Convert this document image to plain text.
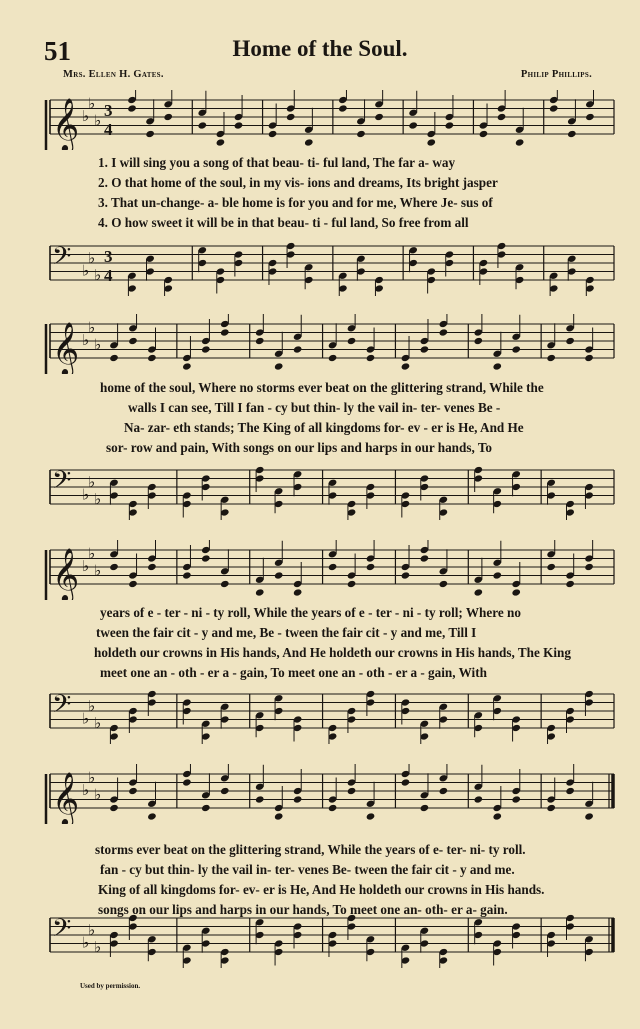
51	Home of the Soul.
Mrs. Ellen H. Gates.	Philip Phillips.
𝄞 ♭
♭
♭
3
4
𝄢 ♭
♭
♭
3
4
𝄞 ♭
♭
♭
𝄢 ♭
♭
♭
𝄞 ♭
♭
♭
𝄢 ♭
♭
♭
𝄞 ♭
♭
♭
𝄢 ♭
♭
♭
1. I will sing you a song of that beau- ti- ful land, The far a- way
2. O that home of the soul, in my vis- ions and dreams, Its bright jasper
3. That un-change- a- ble home is for you and for me, Where Je- sus of
4. O how sweet it will be in that beau- ti - ful land, So free from all
home of the soul, Where no storms ever beat on the glittering strand, While the
walls I can see, Till I fan - cy but thin- ly the vail in- ter- venes Be -
Na- zar- eth stands; The King of all kingdoms for- ev - er is He, And He
sor- row and pain, With songs on our lips and harps in our hands, To
years of e - ter - ni - ty roll, While the years of e - ter - ni - ty roll; Where no
tween the fair cit - y and me, Be - tween the fair cit - y and me, Till I
holdeth our crowns in His hands, And He holdeth our crowns in His hands, The King
meet one an - oth - er a - gain, To meet one an - oth - er a - gain, With
storms ever beat on the glittering strand, While the years of e- ter- ni- ty roll.
fan - cy but thin- ly the vail in- ter- venes Be- tween the fair cit - y and me.
King of all kingdoms for- ev- er is He, And He holdeth our crowns in His hands.
songs on our lips and harps in our hands, To meet one an- oth- er a- gain.
Used by permission.
